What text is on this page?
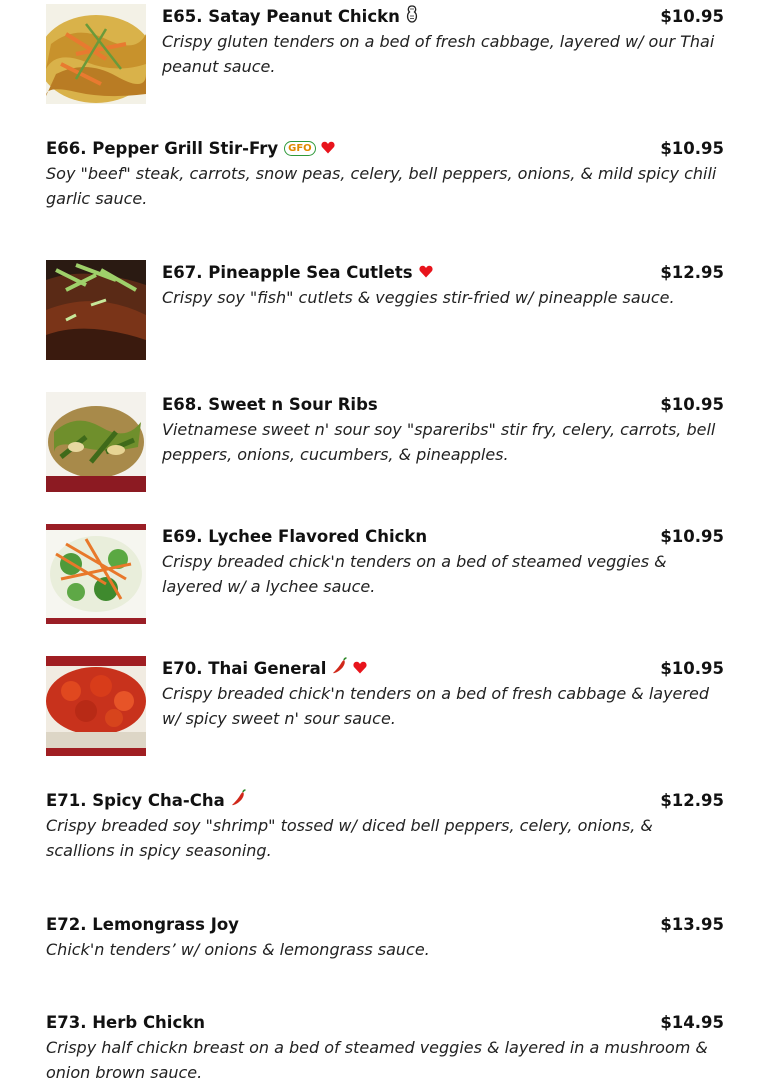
E65. Satay Peanut Chickn	$10.95
Crispy gluten tenders on a bed of fresh cabbage, layered w/ our Thai peanut sauce.
E66. Pepper Grill Stir-Fry	GFO	$10.95
Soy "beef" steak, carrots, snow peas, celery, bell peppers, onions, & mild spicy chili garlic sauce.
E67. Pineapple Sea Cutlets	$12.95
Crispy soy "fish" cutlets & veggies stir-fried w/ pineapple sauce.
E68. Sweet n Sour Ribs	$10.95
Vietnamese sweet n' sour soy "spareribs" stir fry, celery, carrots, bell peppers, onions, cucumbers, & pineapples.
E69. Lychee Flavored Chickn	$10.95
Crispy breaded chick'n tenders on a bed of steamed veggies & layered w/ a lychee sauce.
E70. Thai General	$10.95
Crispy breaded chick'n tenders on a bed of fresh cabbage & layered w/ spicy sweet n' sour sauce.
E71. Spicy Cha-Cha	$12.95
Crispy breaded soy "shrimp" tossed w/ diced bell peppers, celery, onions, & scallions in spicy seasoning.
E72. Lemongrass Joy	$13.95
Chick'n tenders’ w/ onions & lemongrass sauce.
E73. Herb Chickn	$14.95
Crispy half chickn breast on a bed of steamed veggies & layered in a mushroom & onion brown sauce.
